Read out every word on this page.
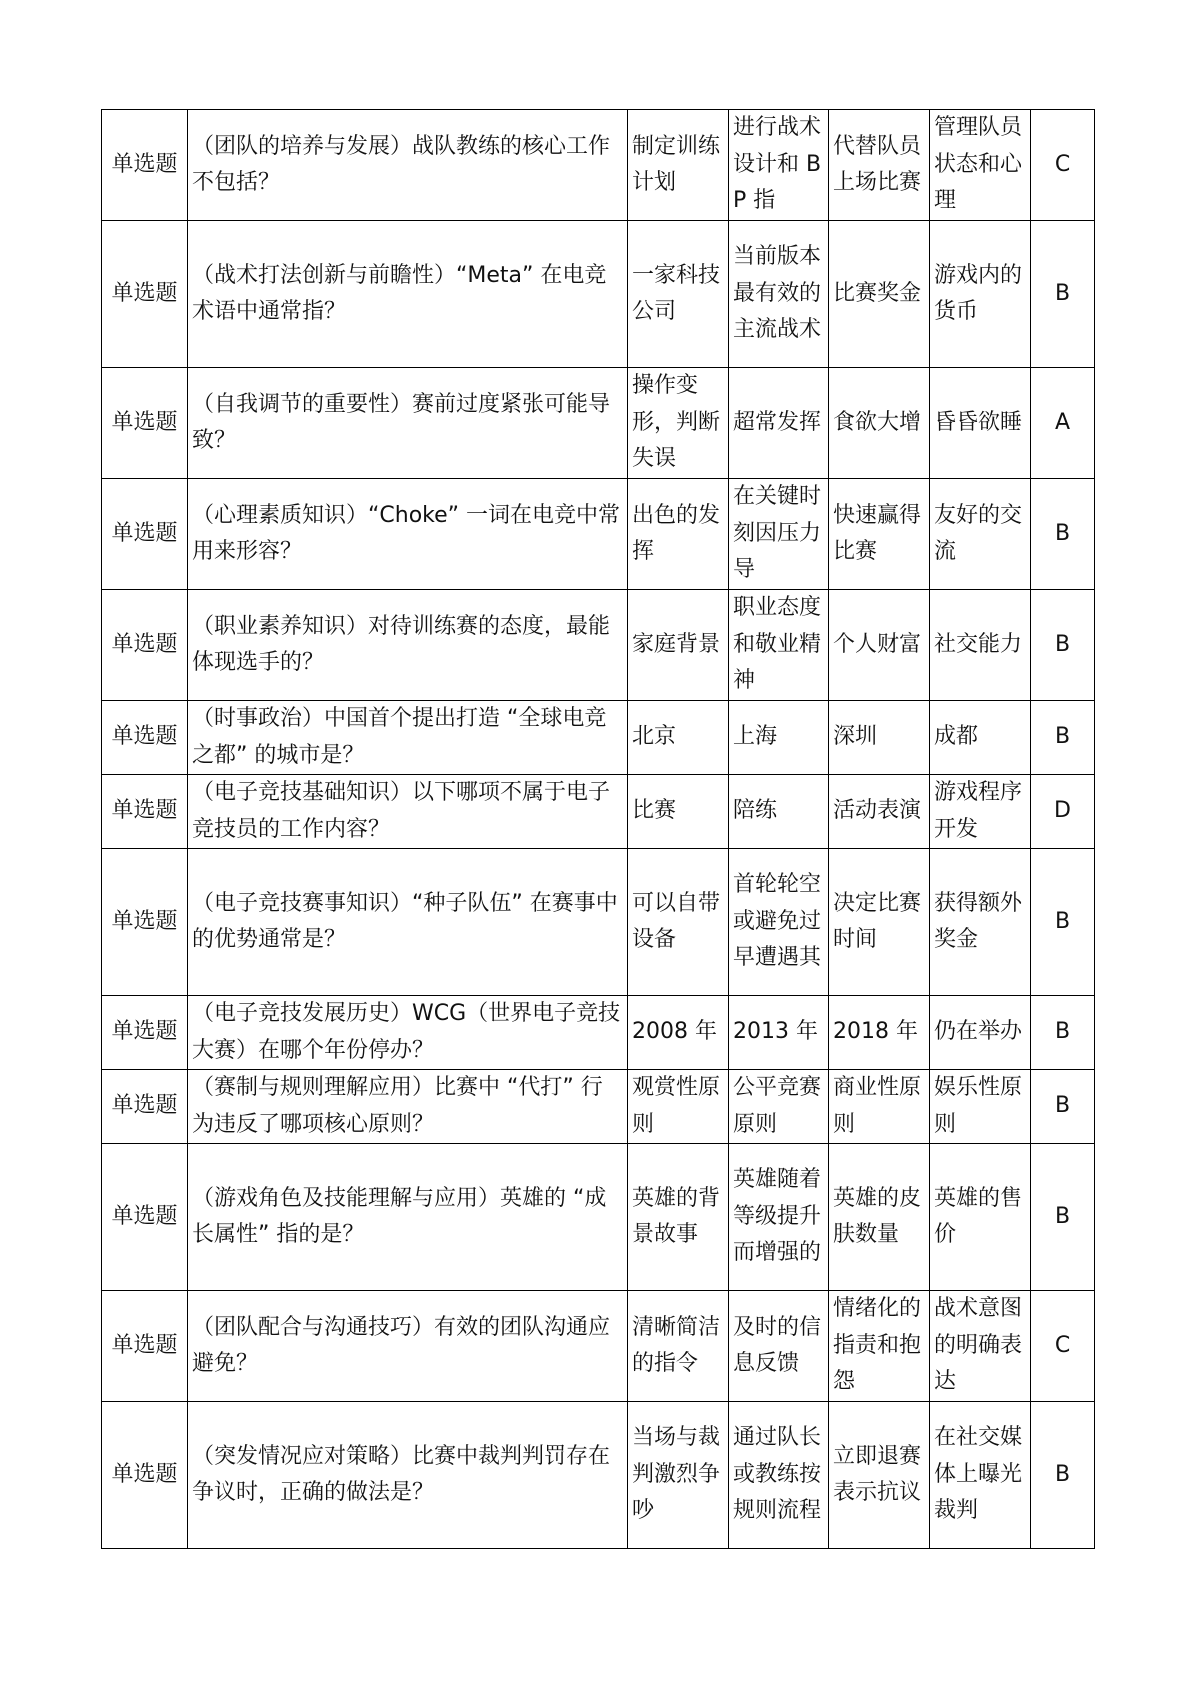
单选题	（团队的培养与发展）战队教练的核心工作不包括？	制定训练计划	进行战术设计和 BP 指	代替队员上场比赛	管理队员状态和心理	C
单选题	（战术打法创新与前瞻性）“Meta” 在电竞术语中通常指？	一家科技公司	当前版本最有效的主流战术	比赛奖金	游戏内的货币	B
单选题	（自我调节的重要性）赛前过度紧张可能导致？	操作变形，判断失误	超常发挥	食欲大增	昏昏欲睡	A
单选题	（心理素质知识）“Choke” 一词在电竞中常用来形容？	出色的发挥	在关键时刻因压力导	快速赢得比赛	友好的交流	B
单选题	（职业素养知识）对待训练赛的态度，最能体现选手的？	家庭背景	职业态度和敬业精神	个人财富	社交能力	B
单选题	（时事政治）中国首个提出打造 “全球电竞之都” 的城市是？	北京	上海	深圳	成都	B
单选题	（电子竞技基础知识）以下哪项不属于电子竞技员的工作内容？	比赛	陪练	活动表演	游戏程序开发	D
单选题	（电子竞技赛事知识）“种子队伍” 在赛事中的优势通常是？	可以自带设备	首轮轮空或避免过早遭遇其	决定比赛时间	获得额外奖金	B
单选题	（电子竞技发展历史）WCG（世界电子竞技大赛）在哪个年份停办？	2008 年	2013 年	2018 年	仍在举办	B
单选题	（赛制与规则理解应用）比赛中 “代打” 行为违反了哪项核心原则？	观赏性原则	公平竞赛原则	商业性原则	娱乐性原则	B
单选题	（游戏角色及技能理解与应用）英雄的 “成长属性” 指的是？	英雄的背景故事	英雄随着等级提升而增强的	英雄的皮肤数量	英雄的售价	B
单选题	（团队配合与沟通技巧）有效的团队沟通应避免？	清晰简洁的指令	及时的信息反馈	情绪化的指责和抱怨	战术意图的明确表达	C
单选题	（突发情况应对策略）比赛中裁判判罚存在争议时，正确的做法是？	当场与裁判激烈争吵	通过队长或教练按规则流程	立即退赛表示抗议	在社交媒体上曝光裁判	B
